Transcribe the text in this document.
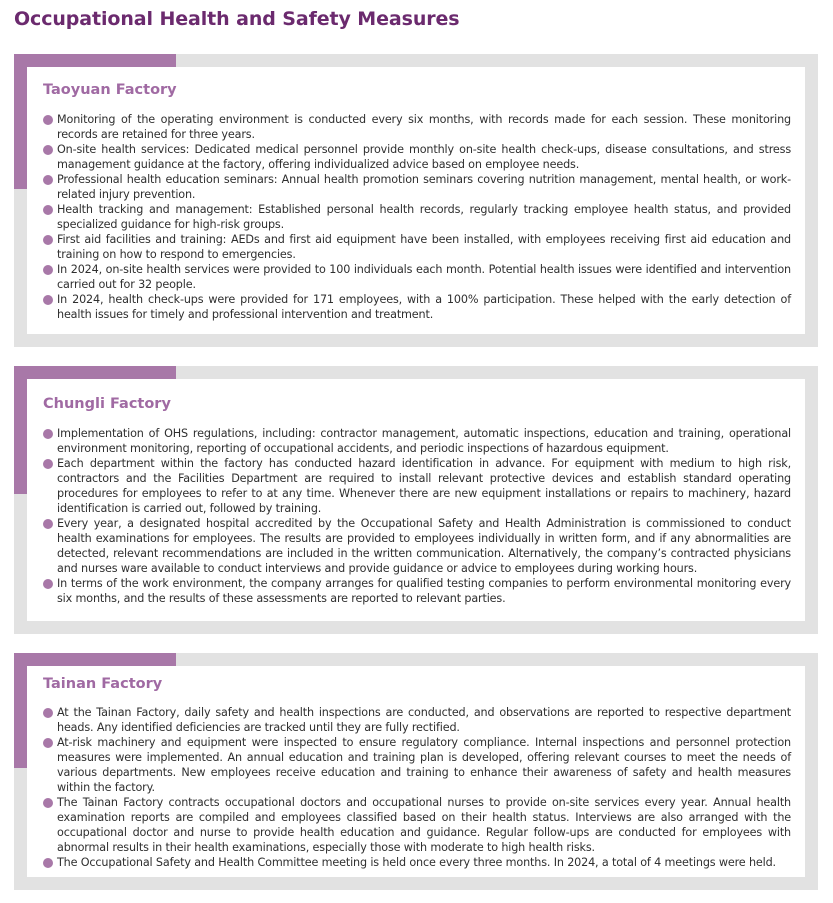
Occupational Health and Safety Measures
Taoyuan Factory
Monitoring of the operating environment is conducted every six months, with records made for each session. These monitoring records are retained for three years.
On-site health services: Dedicated medical personnel provide monthly on-site health check-ups, disease consultations, and stress management guidance at the factory, offering individualized advice based on employee needs.
Professional health education seminars: Annual health promotion seminars covering nutrition management, mental health, or work-related injury prevention.
Health tracking and management: Established personal health records, regularly tracking employee health status, and provided specialized guidance for high-risk groups.
First aid facilities and training: AEDs and first aid equipment have been installed, with employees receiving first aid education and training on how to respond to emergencies.
In 2024, on-site health services were provided to 100 individuals each month. Potential health issues were identified and intervention carried out for 32 people.
In 2024, health check-ups were provided for 171 employees, with a 100% participation. These helped with the early detection of health issues for timely and professional intervention and treatment.
Chungli Factory
Implementation of OHS regulations, including: contractor management, automatic inspections, education and training, operational environment monitoring, reporting of occupational accidents, and periodic inspections of hazardous equipment.
Each department within the factory has conducted hazard identification in advance. For equipment with medium to high risk, contractors and the Facilities Department are required to install relevant protective devices and establish standard operating procedures for employees to refer to at any time. Whenever there are new equipment installations or repairs to machinery, hazard identification is carried out, followed by training.
Every year, a designated hospital accredited by the Occupational Safety and Health Administration is commissioned to conduct health examinations for employees. The results are provided to employees individually in written form, and if any abnormalities are detected, relevant recommendations are included in the written communication. Alternatively, the company’s contracted physicians and nurses ware available to conduct interviews and provide guidance or advice to employees during working hours.
In terms of the work environment, the company arranges for qualified testing companies to perform environmental monitoring every six months, and the results of these assessments are reported to relevant parties.
Tainan Factory
At the Tainan Factory, daily safety and health inspections are conducted, and observations are reported to respective department heads. Any identified deficiencies are tracked until they are fully rectified.
At-risk machinery and equipment were inspected to ensure regulatory compliance. Internal inspections and personnel protection measures were implemented. An annual education and training plan is developed, offering relevant courses to meet the needs of various departments. New employees receive education and training to enhance their awareness of safety and health measures within the factory.
The Tainan Factory contracts occupational doctors and occupational nurses to provide on-site services every year. Annual health examination reports are compiled and employees classified based on their health status. Interviews are also arranged with the occupational doctor and nurse to provide health education and guidance. Regular follow-ups are conducted for employees with abnormal results in their health examinations, especially those with moderate to high health risks.
The Occupational Safety and Health Committee meeting is held once every three months. In 2024, a total of 4 meetings were held.
